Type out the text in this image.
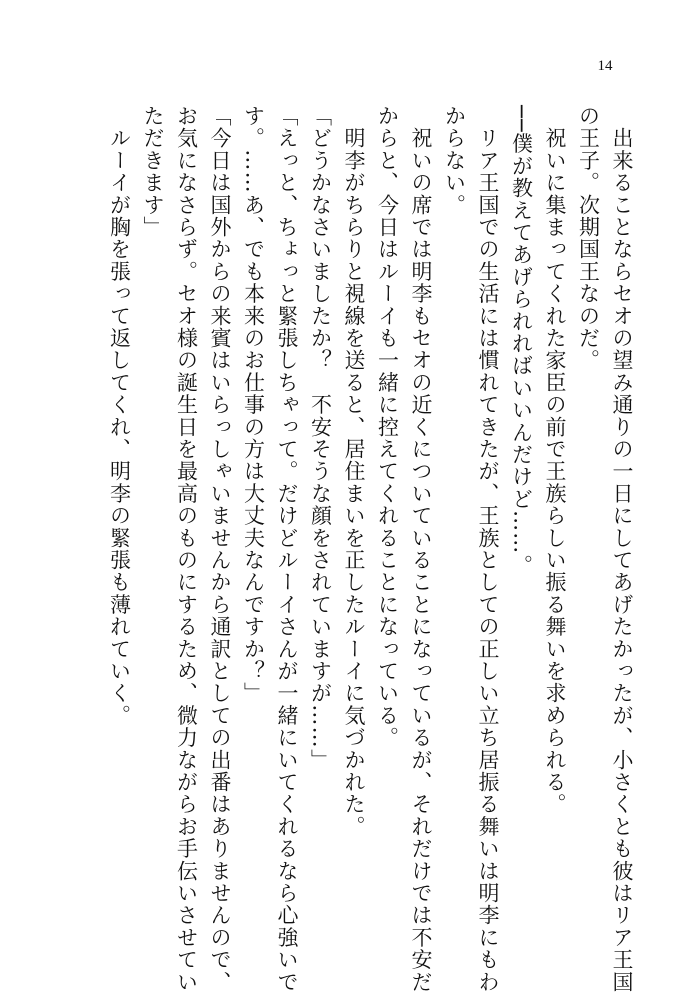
14
　出来ることならセオの望み通りの一日にしてあげたかったが、小さくとも彼はリア王国
の王子。次期国王なのだ。
　祝いに集まってくれた家臣の前で王族らしい振る舞いを求められる。
──僕が教えてあげられればいいんだけど……。
　リア王国での生活には慣れてきたが、王族としての正しい立ち居振る舞いは明李にもわ
からない。
　祝いの席では明李もセオの近くについていることになっているが、それだけでは不安だ
からと、今日はルーイも一緒に控えてくれることになっている。
　明李がちらりと視線を送ると、居住まいを正したルーイに気づかれた。
「どうかなさいましたか？　不安そうな顔をされていますが……」
「えっと、ちょっと緊張しちゃって。だけどルーイさんが一緒にいてくれるなら心強いで
す。……あ、でも本来のお仕事の方は大丈夫なんですか？」
「今日は国外からの来賓はいらっしゃいませんから通訳としての出番はありませんので、
お気になさらず。セオ様の誕生日を最高のものにするため、微力ながらお手伝いさせてい
ただきます」
　ルーイが胸を張って返してくれ、明李の緊張も薄れていく。
